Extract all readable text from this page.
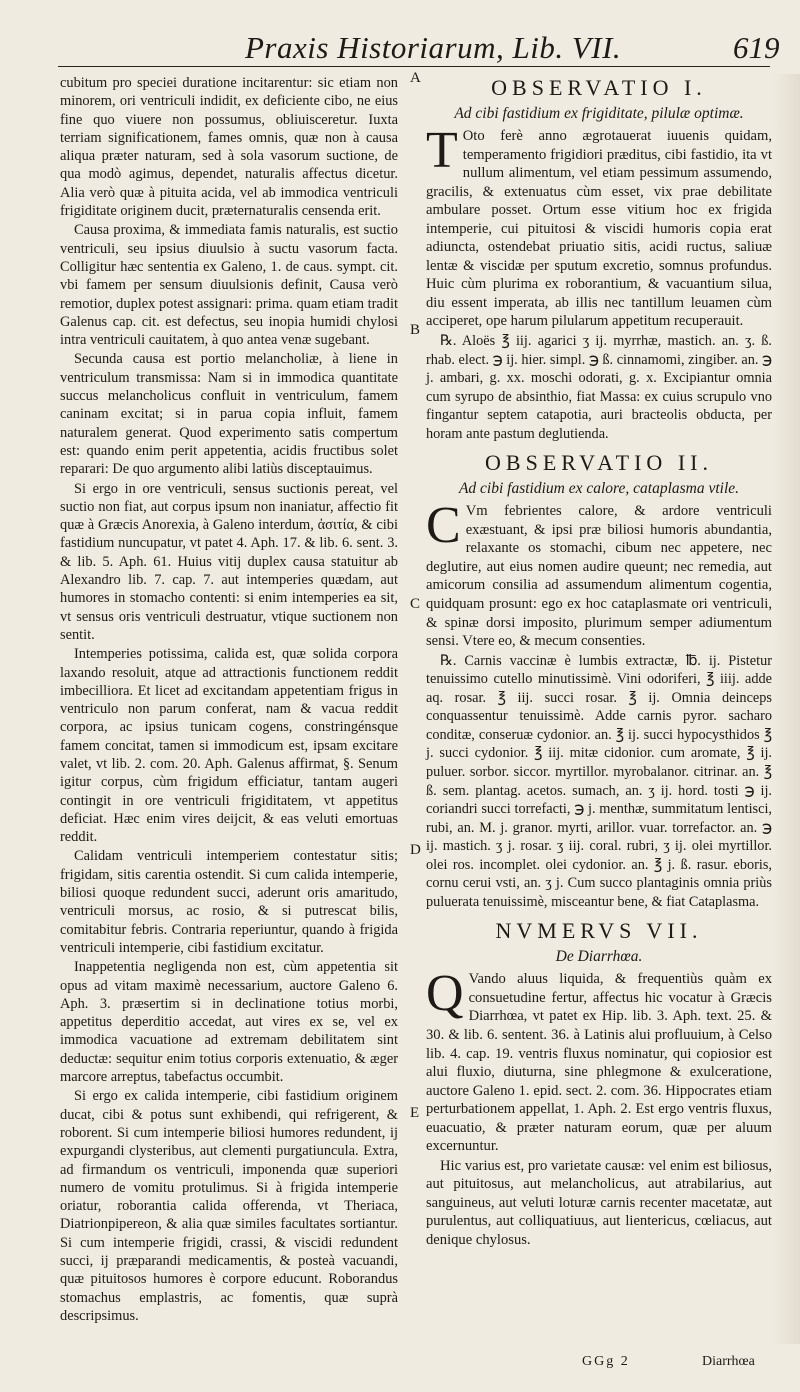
Praxis Historiarum, Lib. VII.	619

cubitum pro speciei duratione incitarentur: sic etiam non minorem, ori ventriculi indidit, ex deficiente cibo, ne eius fine quo viuere non possumus, obliuisceretur. Iuxta terriam significationem, fames omnis, quæ non à causa aliqua præter naturam, sed à sola vasorum suctione, de qua modò agimus, dependet, naturalis affectus dicetur. Alia verò quæ à pituita acida, vel ab immodica ventriculi frigiditate originem ducit, præternaturalis censenda erit.

Causa proxima, & immediata famis naturalis, est suctio ventriculi, seu ipsius diuulsio à suctu vasorum facta. Colligitur hæc sententia ex Galeno, 1. de caus. sympt. cit. vbi famem per sensum diuulsionis definit, Causa verò remotior, duplex potest assignari: prima. quam etiam tradit Galenus cap. cit. est defectus, seu inopia humidi chylosi intra ventriculi cauitatem, à quo antea venæ sugebant.

Secunda causa est portio melancholiæ, à liene in ventriculum transmissa: Nam si in immodica quantitate succus melancholicus confluit in ventriculum, famem caninam excitat; si in parua copia influit, famem naturalem generat. Quod experimento satis compertum est: quando enim perit appetentia, acidis fructibus solet reparari: De quo argumento alibi latiùs disceptauimus.

Si ergo in ore ventriculi, sensus suctionis pereat, vel suctio non fiat, aut corpus ipsum non inaniatur, affectio fit quæ à Græcis Anorexia, à Galeno interdum, ἀσιτία, & cibi fastidium nuncupatur, vt patet 4. Aph. 17. & lib. 6. sent. 3. & lib. 5. Aph. 61. Huius vitij duplex causa statuitur ab Alexandro lib. 7. cap. 7. aut intemperies quædam, aut humores in stomacho contenti: si enim intemperies ea sit, vt sensus oris ventriculi destruatur, vtique suctionem non sentit.

Intemperies potissima, calida est, quæ solida corpora laxando resoluit, atque ad attractionis functionem reddit imbecilliora. Et licet ad excitandam appetentiam frigus in ventriculo non parum conferat, nam & vacua reddit corpora, ac ipsius tunicam cogens, constringénsque famem concitat, tamen si immodicum est, ipsam excitare valet, vt lib. 2. com. 20. Aph. Galenus affirmat, §. Senum igitur corpus, cùm frigidum efficiatur, tantam augeri contingit in ore ventriculi frigiditatem, vt appetitus deficiat. Hæc enim vires deijcit, & eas veluti emortuas reddit.

Calidam ventriculi intemperiem contestatur sitis; frigidam, sitis carentia ostendit. Si cum calida intemperie, biliosi quoque redundent succi, aderunt oris amaritudo, ventriculi morsus, ac rosio, & si putrescat bilis, comitabitur febris. Contraria reperiuntur, quando à frigida ventriculi intemperie, cibi fastidium excitatur.

Inappetentia negligenda non est, cùm appetentia sit opus ad vitam maximè necessarium, auctore Galeno 6. Aph. 3. præsertim si in declinatione totius morbi, appetitus deperditio accedat, aut vires ex se, vel ex immodica vacuatione ad extremam debilitatem sint deductæ: sequitur enim totius corporis extenuatio, & æger marcore arreptus, tabefactus occumbit.

Si ergo ex calida intemperie, cibi fastidium originem ducat, cibi & potus sunt exhibendi, qui refrigerent, & roborent. Si cum intemperie biliosi humores redundent, ij expurgandi clysteribus, aut clementi purgatiuncula. Extra, ad firmandum os ventriculi, imponenda quæ superiori numero de vomitu protulimus. Si à frigida intemperie oriatur, roborantia calida offerenda, vt Theriaca, Diatrionpipereon, & alia quæ similes facultates sortiantur. Si cum intemperie frigidi, crassi, & viscidi redundent succi, ij præparandi medicamentis, & posteà vacuandi, quæ pituitosos humores è corpore educunt. Roborandus stomachus emplastris, ac fomentis, quæ suprà descripsimus.

A
B
C
D
E
OBSERVATIO I.
Ad cibi fastidium ex frigiditate, pilulæ optimæ.

T Oto ferè anno ægrotauerat iuuenis quidam, temperamento frigidiori præditus, cibi fastidio, ita vt nullum alimentum, vel etiam pessimum assumendo, gracilis, & extenuatus cùm esset, vix prae debilitate ambulare posset. Ortum esse vitium hoc ex frigida intemperie, cui pituitosi & viscidi humoris copia erat adiuncta, ostendebat priuatio sitis, acidi ructus, saliuæ lentæ & viscidæ per sputum excretio, somnus profundus. Huic cùm plurima ex roborantium, & vacuantium silua, diu essent imperata, ab illis nec tantillum leuamen cùm acciperet, ope harum pilularum appetitum recuperauit.

℞. Aloës ℥ iij. agarici ʒ ij. myrrhæ, mastich. an. ʒ. ß. rhab. elect. ℈ ij. hier. simpl. ℈ ß. cinnamomi, zingiber. an. ℈ j. ambari, g. xx. moschi odorati, g. x. Excipiantur omnia cum syrupo de absinthio, fiat Massa: ex cuius scrupulo vno fingantur septem catapotia, auri bracteolis obducta, per horam ante pastum deglutienda.

OBSERVATIO II.
Ad cibi fastidium ex calore, cataplasma vtile.

C Vm febrientes calore, & ardore ventriculi exæstuant, & ipsi præ biliosi humoris abundantia, relaxante os stomachi, cibum nec appetere, nec deglutire, aut eius nomen audire queunt; nec remedia, aut amicorum consilia ad assumendum alimentum cogentia, quidquam prosunt: ego ex hoc cataplasmate ori ventriculi, & spinæ dorsi imposito, plurimum semper adiumentum sensi. Vtere eo, & mecum consenties.

℞. Carnis vaccinæ è lumbis extractæ, ℔. ij. Pistetur tenuissimo cutello minutissimè. Vini odoriferi, ℥ iiij. adde aq. rosar. ℥ iij. succi rosar. ℥ ij. Omnia deinceps conquassentur tenuissimè. Adde carnis pyror. sacharo conditæ, conseruæ cydonior. an. ℥ ij. succi hypocysthidos ℥ j. succi cydonior. ℥ iij. mitæ cidonior. cum aromate, ℥ ij. puluer. sorbor. siccor. myrtillor. myrobalanor. citrinar. an. ℥ ß. sem. plantag. acetos. sumach, an. ʒ ij. hord. tosti ℈ ij. coriandri succi torrefacti, ℈ j. menthæ, summitatum lentisci, rubi, an. M. j. granor. myrti, arillor. vuar. torrefactor. an. ℈ ij. mastich. ʒ j. rosar. ʒ iij. coral. rubri, ʒ ij. olei myrtillor. olei ros. incomplet. olei cydonior. an. ℥ j. ß. rasur. eboris, cornu cerui vsti, an. ʒ j. Cum succo plantaginis omnia priùs puluerata tenuissimè, misceantur bene, & fiat Cataplasma.

NVMERVS VII.
De Diarrhœa.

Q Vando aluus liquida, & frequentiùs quàm ex consuetudine fertur, affectus hic vocatur à Græcis Diarrhœa, vt patet ex Hip. lib. 3. Aph. text. 25. & 30. & lib. 6. sentent. 36. à Latinis alui profluuium, à Celso lib. 4. cap. 19. ventris fluxus nominatur, qui copiosior est alui fluxio, diuturna, sine phlegmone & exulceratione, auctore Galeno 1. epid. sect. 2. com. 36. Hippocrates etiam perturbationem appellat, 1. Aph. 2. Est ergo ventris fluxus, euacuatio, & præter naturam eorum, quæ per aluum excernuntur.

Hic varius est, pro varietate causæ: vel enim est biliosus, aut pituitosus, aut melancholicus, aut atrabilarius, aut sanguineus, aut veluti loturæ carnis recenter macetatæ, aut purulentus, aut colliquatiuus, aut lientericus, cœliacus, aut denique chylosus.

GGg 2	Diarrhœa
